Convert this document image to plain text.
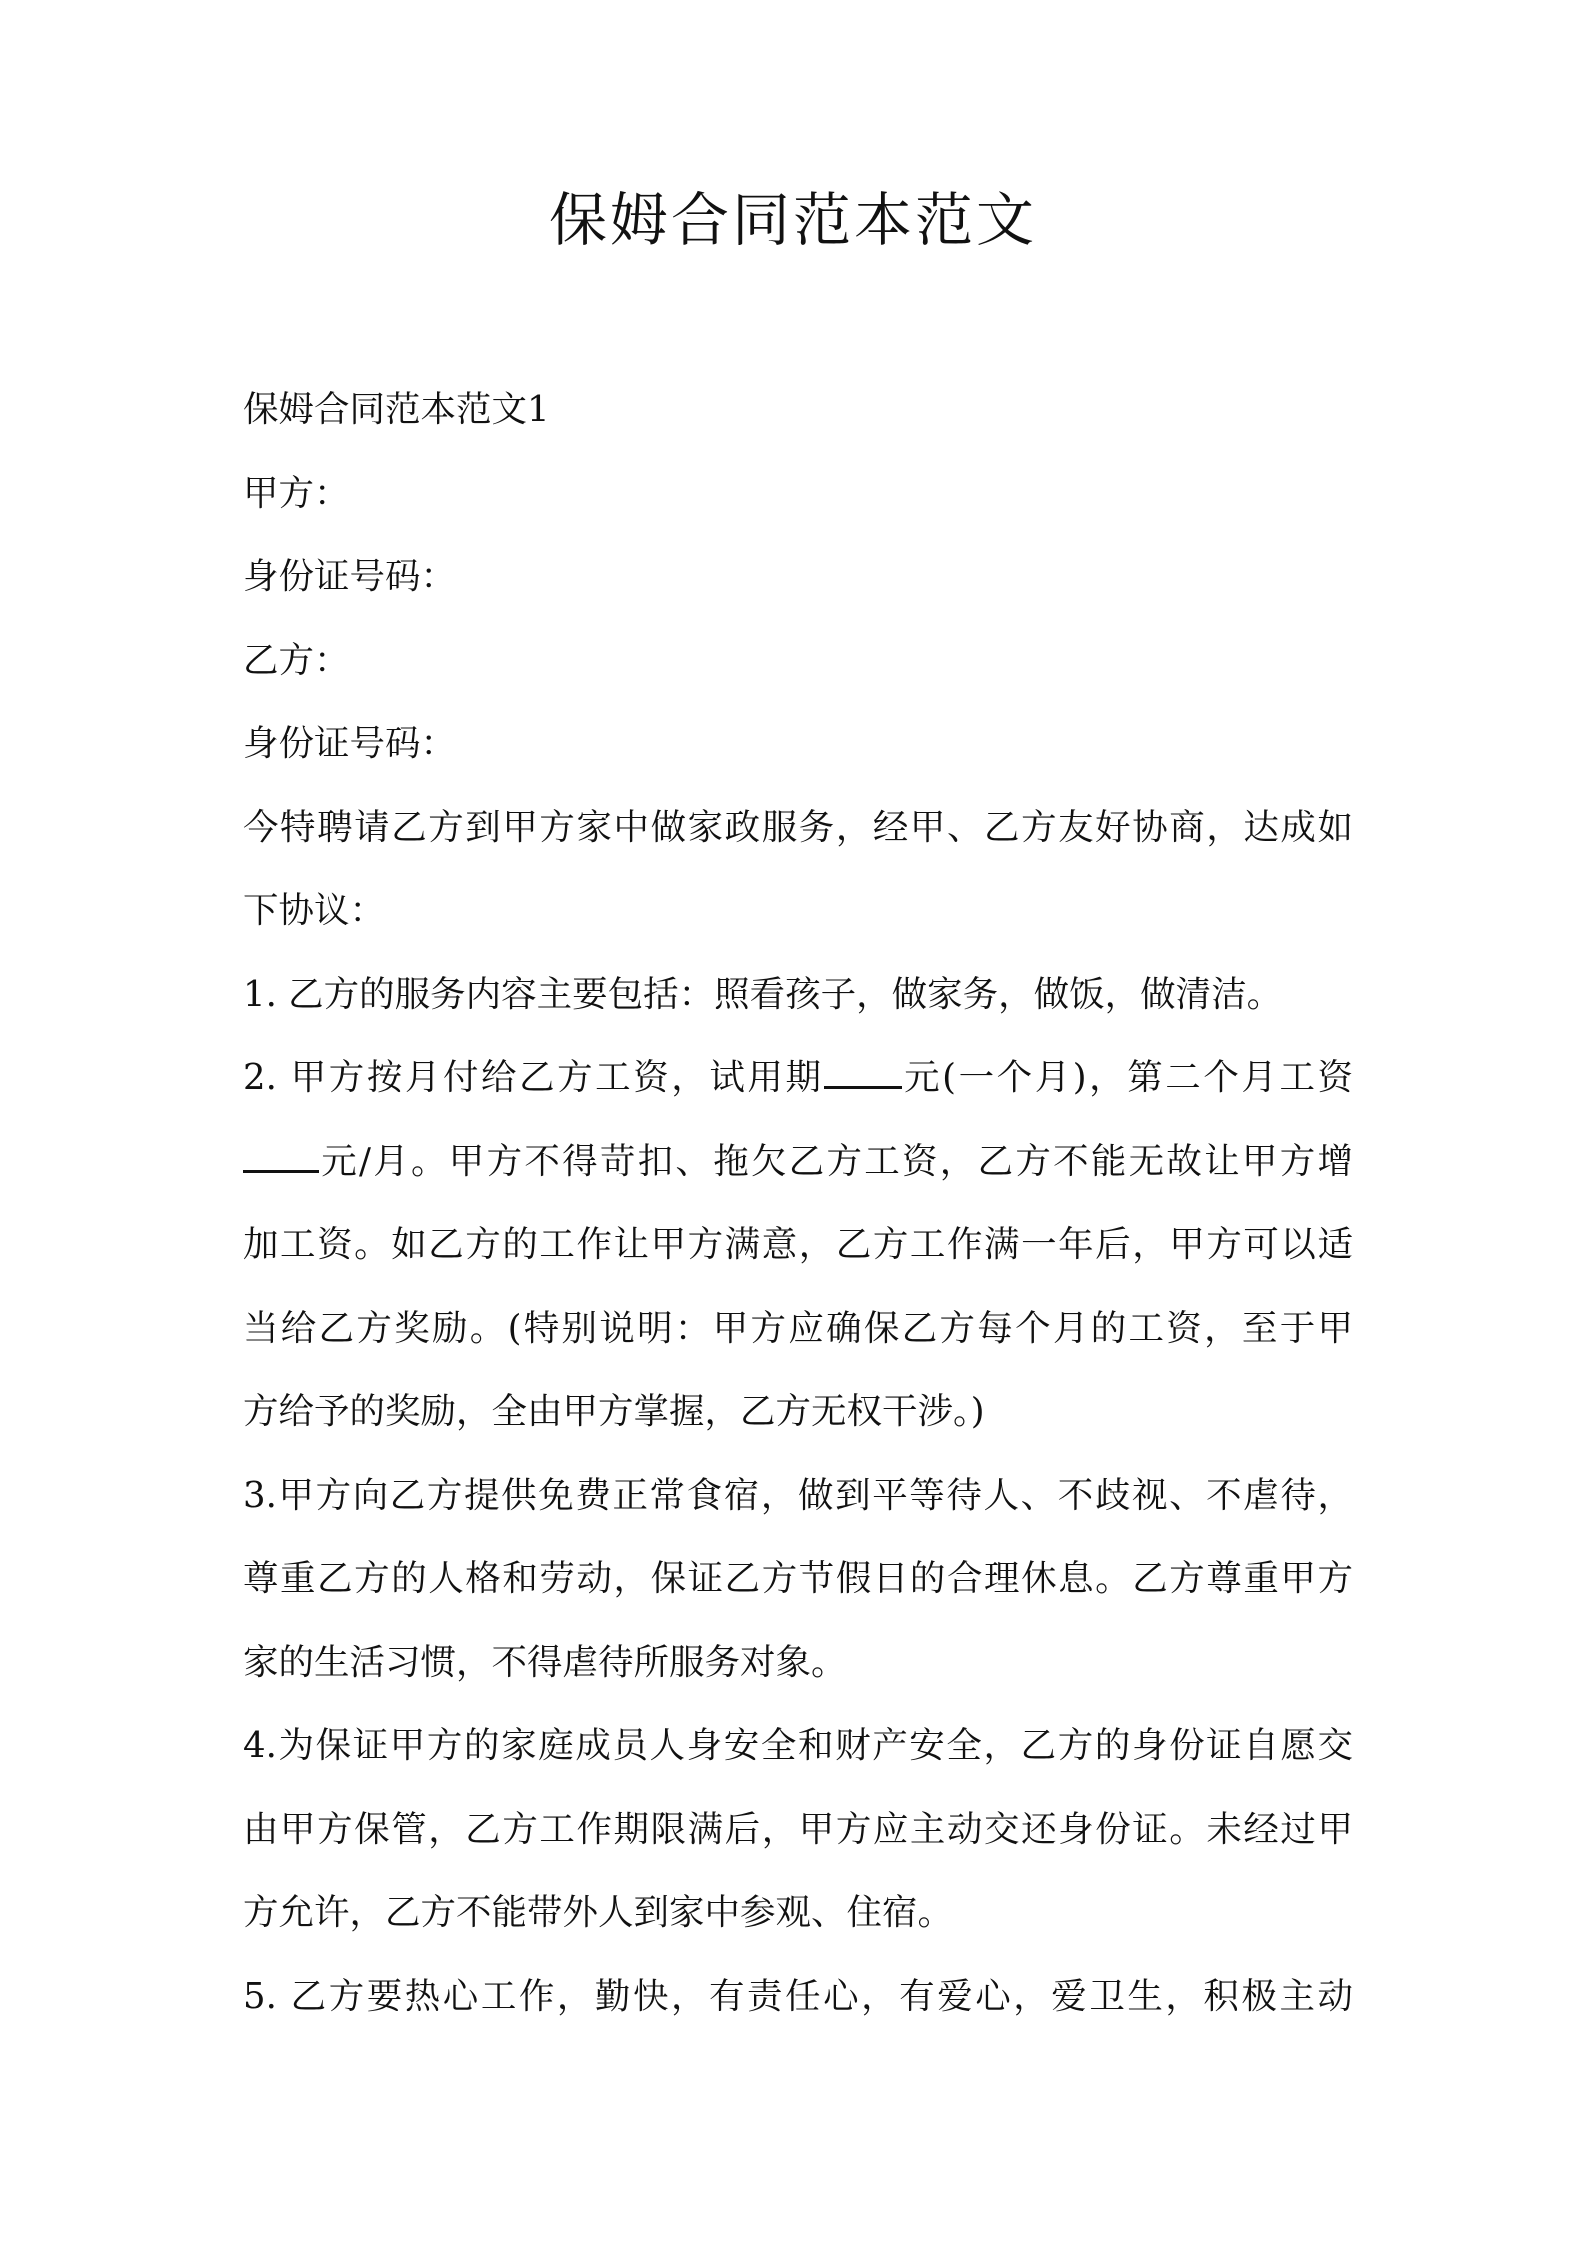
保姆合同范本范文
保姆合同范本范文1
甲方：
身份证号码：
乙方：
身份证号码：
今特聘请乙方到甲方家中做家政服务，经甲、乙方友好协商，达成如
下协议：
1. 乙方的服务内容主要包括：照看孩子，做家务，做饭，做清洁。
2. 甲方按月付给乙方工资，试用期 元(一个月)，第二个月工资
元/月。甲方不得苛扣、拖欠乙方工资，乙方不能无故让甲方增
加工资。如乙方的工作让甲方满意，乙方工作满一年后，甲方可以适
当给乙方奖励。(特别说明：甲方应确保乙方每个月的工资，至于甲
方给予的奖励，全由甲方掌握，乙方无权干涉。)
3.甲方向乙方提供免费正常食宿，做到平等待人、不歧视、不虐待，
尊重乙方的人格和劳动，保证乙方节假日的合理休息。乙方尊重甲方
家的生活习惯，不得虐待所服务对象。
4.为保证甲方的家庭成员人身安全和财产安全，乙方的身份证自愿交
由甲方保管，乙方工作期限满后，甲方应主动交还身份证。未经过甲
方允许，乙方不能带外人到家中参观、住宿。
5. 乙方要热心工作，勤快，有责任心，有爱心，爱卫生，积极主动
